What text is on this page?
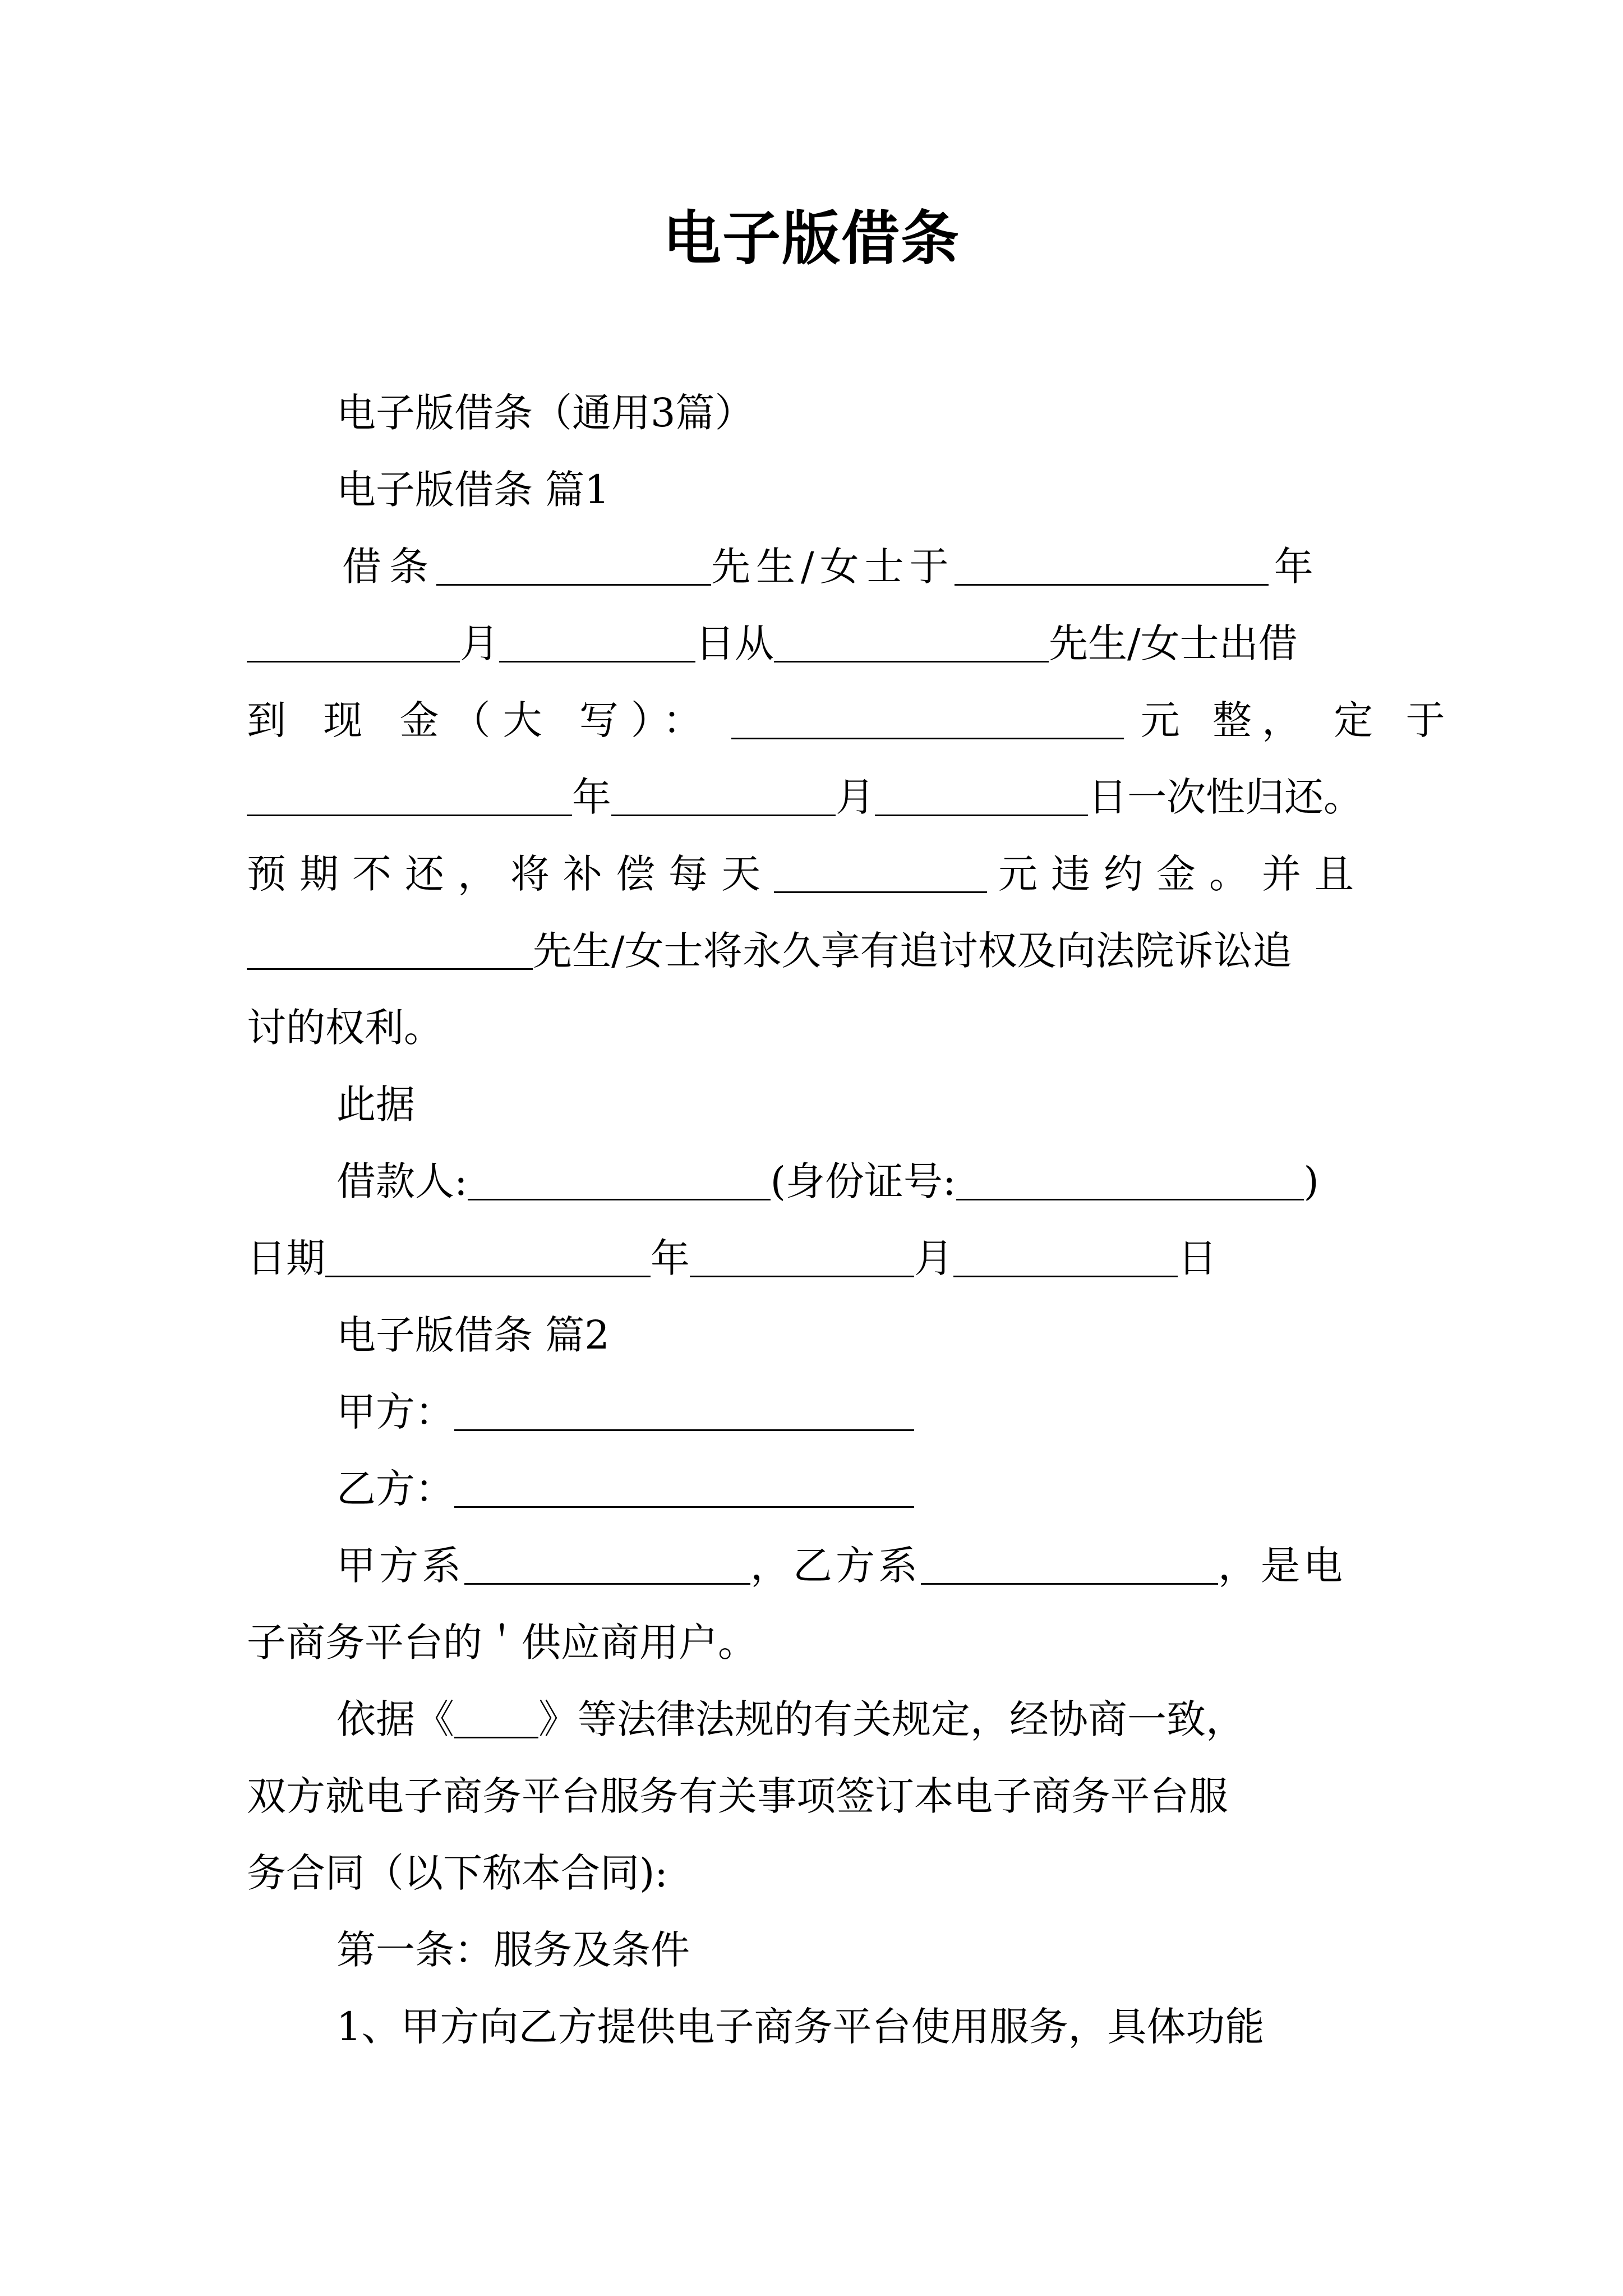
电子版借条
电子版借条（通用3篇）
电子版借条 篇1
借条	先生/女士于	年
月	日从	先生/女士出借
到 现 金（大 写）：	元 整， 定 于
年	月	日一次性归还。
预期不还，将补偿每天	元违约金。并且
先生/女士将永久享有追讨权及向法院诉讼追
讨的权利。
此据
借款人:	(身份证号:	)
日期	年	月	日
电子版借条 篇2
甲方：
乙方：
甲方系	，乙方系	，是电
子商务平台的＇供应商用户。
依据《 》等法律法规的有关规定，经协商一致，
双方就电子商务平台服务有关事项签订本电子商务平台服
务合同（以下称本合同):
第一条：服务及条件
1、甲方向乙方提供电子商务平台使用服务，具体功能
